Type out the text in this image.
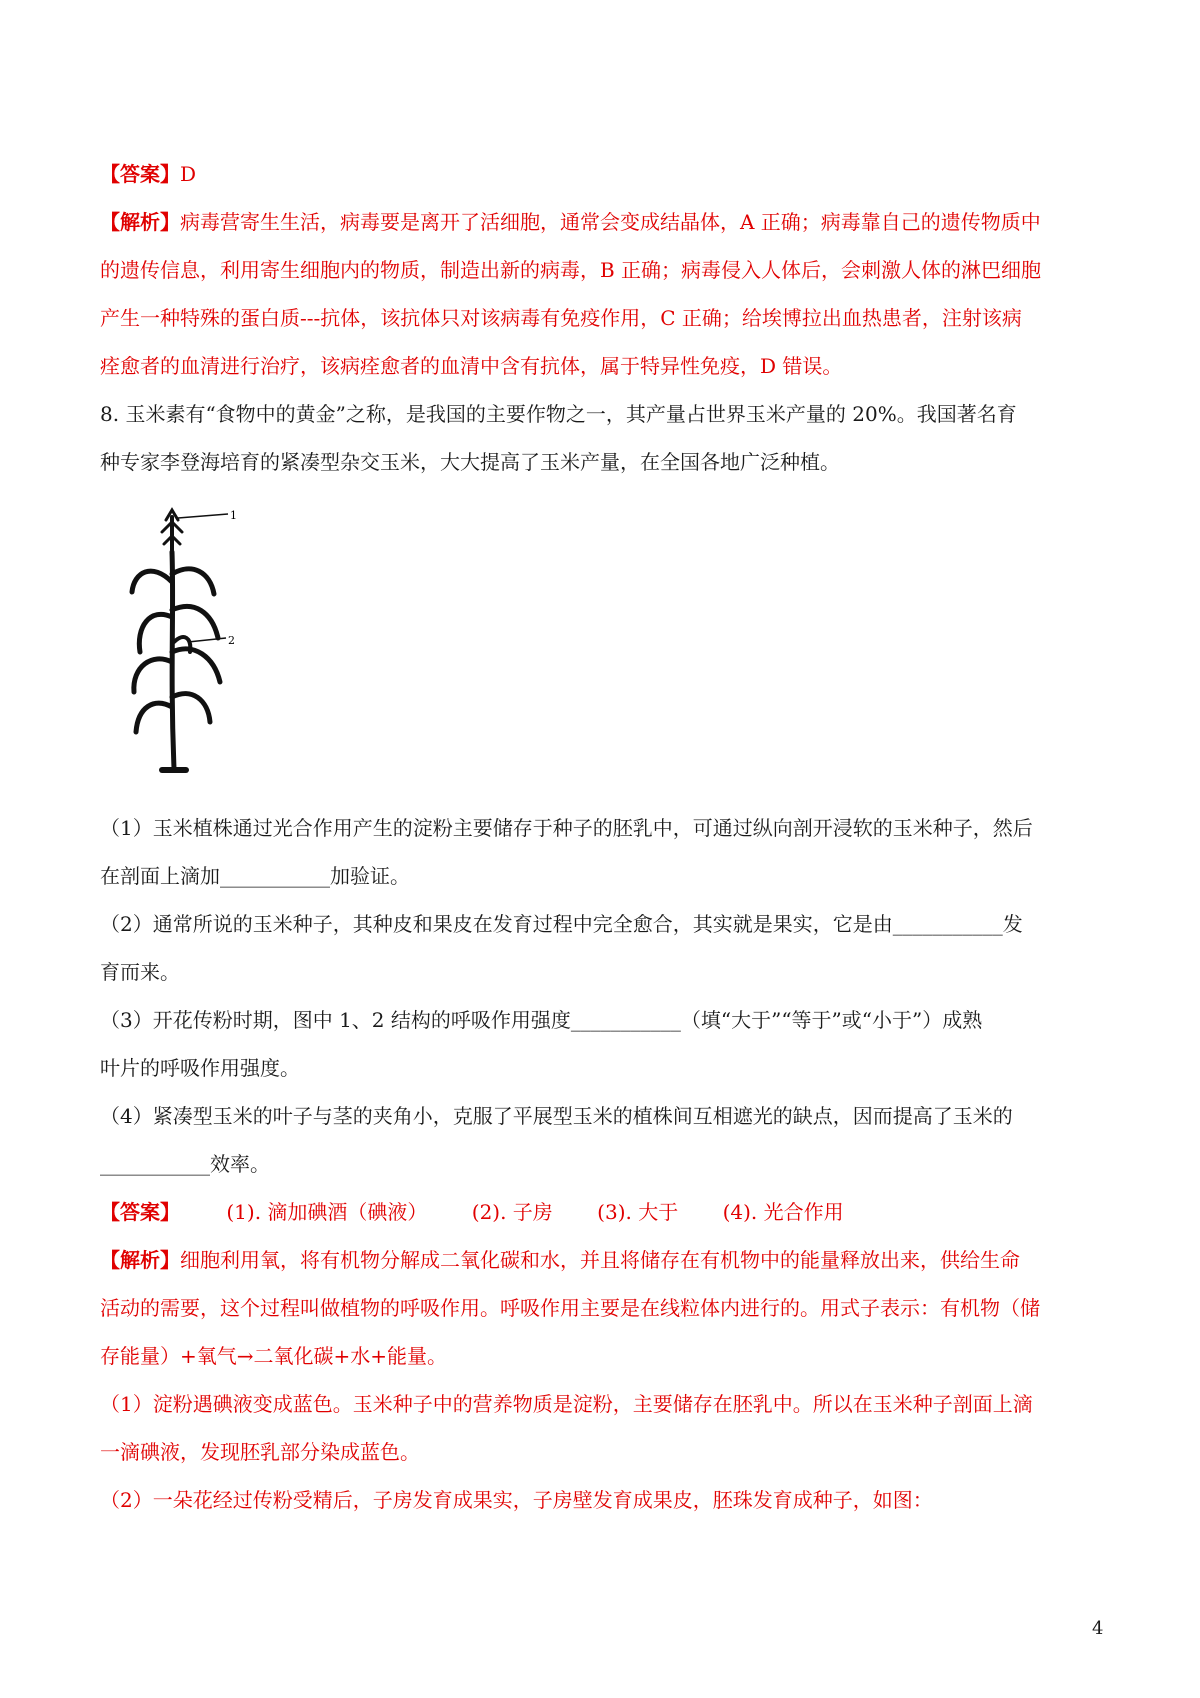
【答案】D
【解析】病毒营寄生生活，病毒要是离开了活细胞，通常会变成结晶体，A 正确；病毒靠自己的遗传物质中
的遗传信息，利用寄生细胞内的物质，制造出新的病毒，B 正确；病毒侵入人体后，会刺激人体的淋巴细胞
产生一种特殊的蛋白质---抗体，该抗体只对该病毒有免疫作用，C 正确；给埃博拉出血热患者，注射该病
痊愈者的血清进行治疗，该病痊愈者的血清中含有抗体，属于特异性免疫，D 错误。
8. 玉米素有“食物中的黄金”之称，是我国的主要作物之一，其产量占世界玉米产量的 20%。我国著名育
种专家李登海培育的紧凑型杂交玉米，大大提高了玉米产量，在全国各地广泛种植。
1
2
（1）玉米植株通过光合作用产生的淀粉主要储存于种子的胚乳中，可通过纵向剖开浸软的玉米种子，然后
在剖面上滴加___________加验证。
（2）通常所说的玉米种子，其种皮和果皮在发育过程中完全愈合，其实就是果实，它是由___________发
育而来。
（3）开花传粉时期，图中 1、2 结构的呼吸作用强度___________（填“大于”“等于”或“小于”）成熟
叶片的呼吸作用强度。
（4）紧凑型玉米的叶子与茎的夹角小，克服了平展型玉米的植株间互相遮光的缺点，因而提高了玉米的
___________效率。
【答案】 (1). 滴加碘酒（碘液） (2). 子房 (3). 大于 (4). 光合作用
【解析】细胞利用氧，将有机物分解成二氧化碳和水，并且将储存在有机物中的能量释放出来，供给生命
活动的需要，这个过程叫做植物的呼吸作用。呼吸作用主要是在线粒体内进行的。用式子表示：有机物（储
存能量）+氧气→二氧化碳+水+能量。
（1）淀粉遇碘液变成蓝色。玉米种子中的营养物质是淀粉，主要储存在胚乳中。所以在玉米种子剖面上滴
一滴碘液，发现胚乳部分染成蓝色。
（2）一朵花经过传粉受精后，子房发育成果实，子房壁发育成果皮，胚珠发育成种子，如图：
4
